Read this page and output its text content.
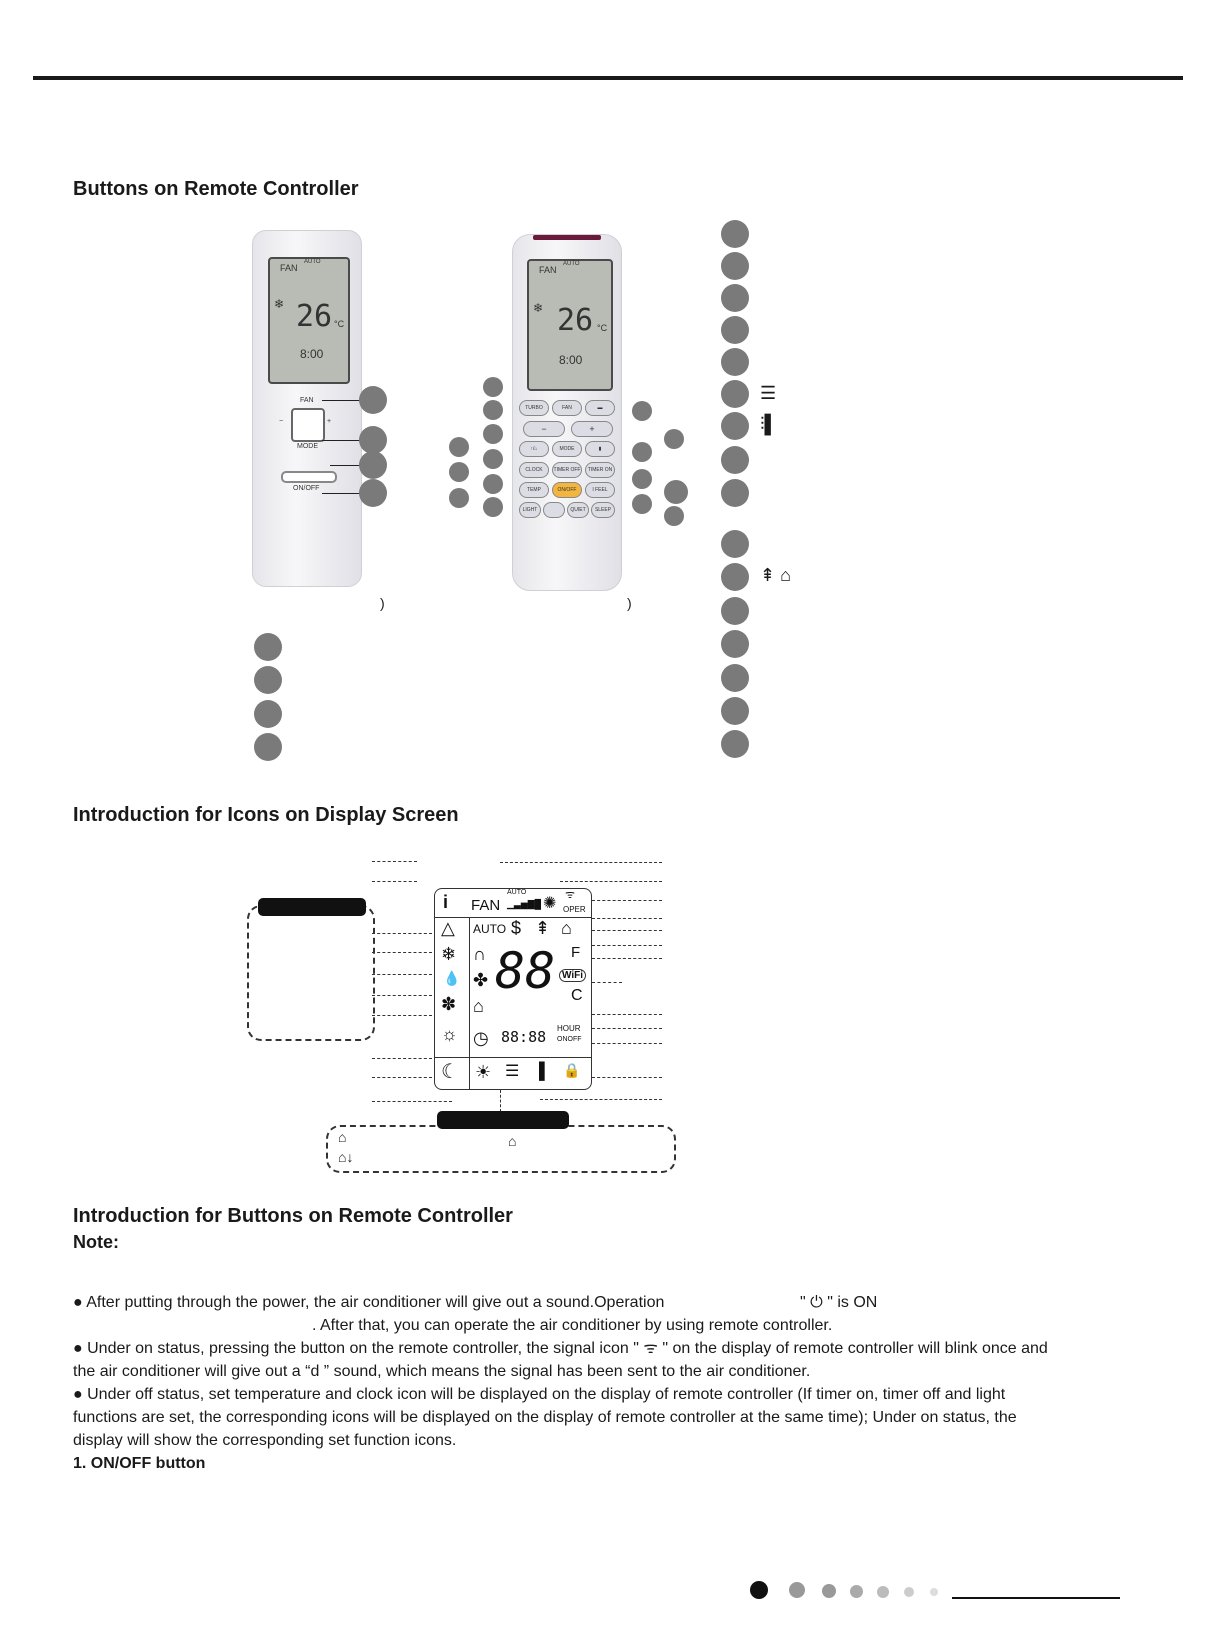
Buttons on Remote Controller
FAN
AUTO
❄ 26 °C
8:00
FAN
−	+
MODE
ON/OFF
)
FAN
AUTO
❄ 26 °C
8:00
TURBO	FAN	▬
−	+
↑/⌂	MODE	▮
CLOCK	TIMER OFF	TIMER ON
TEMP	ON/OFF	I FEEL
LIGHT	QUIET	SLEEP
)
☰
⫶▌
⇞ ⌂
Introduction for Icons on Display Screen
i FAN
AUTO
▁▃▅▇█ ✺ ᯤ
OPER
△
❄
💧
✽
☼
☾
AUTO $ ⇞ ⌂
∩
✤
⌂
◷
88 F
WiFi
C
88:88 HOUR
ONOFF
☀ ☰ ▌ 🔒
⌂
⌂↓
⌂
Introduction for Buttons on Remote Controller
Note:
● After putting through the power, the air conditioner will give out a sound.Operation	" ⏻ " is ON
. After that, you can operate the air conditioner by using remote controller.
● Under on status, pressing the button on the remote controller, the signal icon " ᯤ " on the display of remote controller will blink once and
the air conditioner will give out a “d ” sound, which means the signal has been sent to the air conditioner.
● Under off status, set temperature and clock icon will be displayed on the display of remote controller (If timer on, timer off and light
functions are set, the corresponding icons will be displayed on the display of remote controller at the same time); Under on status, the
display will show the corresponding set function icons.
1. ON/OFF button
